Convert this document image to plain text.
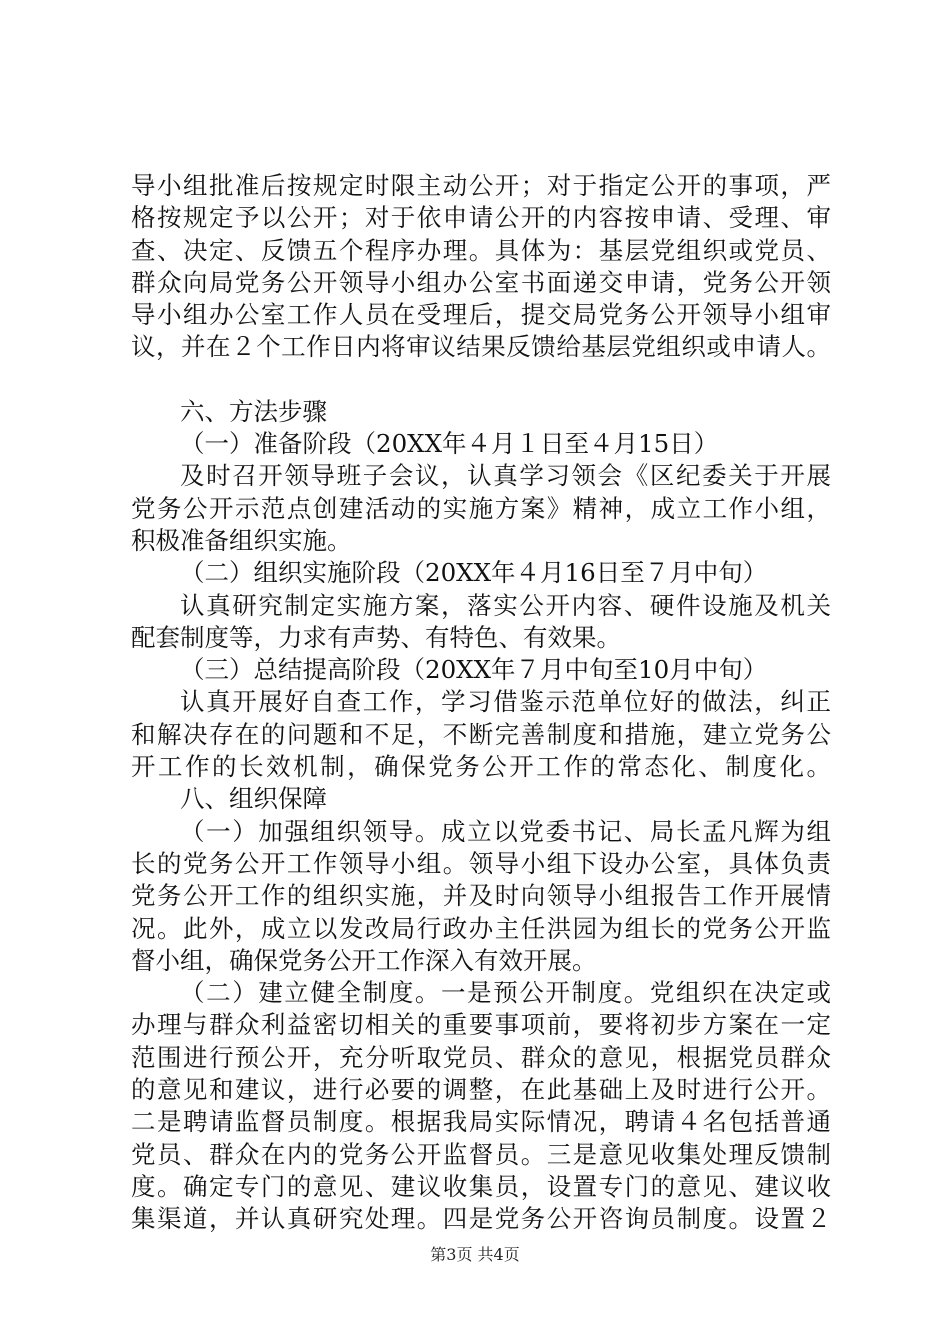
导小组批准后按规定时限主动公开；对于指定公开的事项，严
格按规定予以公开；对于依申请公开的内容按申请、受理、审
查、决定、反馈五个程序办理。具体为：基层党组织或党员、
群众向局党务公开领导小组办公室书面递交申请，党务公开领
导小组办公室工作人员在受理后，提交局党务公开领导小组审
议，并在２个工作日内将审议结果反馈给基层党组织或申请人。
六、方法步骤
（一）准备阶段（20XX年４月１日至４月15日）
及时召开领导班子会议，认真学习领会《区纪委关于开展
党务公开示范点创建活动的实施方案》精神，成立工作小组，
积极准备组织实施。
（二）组织实施阶段（20XX年４月16日至７月中旬）
认真研究制定实施方案，落实公开内容、硬件设施及机关
配套制度等，力求有声势、有特色、有效果。
（三）总结提高阶段（20XX年７月中旬至10月中旬）
认真开展好自查工作，学习借鉴示范单位好的做法，纠正
和解决存在的问题和不足，不断完善制度和措施，建立党务公
开工作的长效机制，确保党务公开工作的常态化、制度化。
八、组织保障
（一）加强组织领导。成立以党委书记、局长孟凡辉为组
长的党务公开工作领导小组。领导小组下设办公室，具体负责
党务公开工作的组织实施，并及时向领导小组报告工作开展情
况。此外，成立以发改局行政办主任洪园为组长的党务公开监
督小组，确保党务公开工作深入有效开展。
（二）建立健全制度。一是预公开制度。党组织在决定或
办理与群众利益密切相关的重要事项前，要将初步方案在一定
范围进行预公开，充分听取党员、群众的意见，根据党员群众
的意见和建议，进行必要的调整，在此基础上及时进行公开。
二是聘请监督员制度。根据我局实际情况，聘请４名包括普通
党员、群众在内的党务公开监督员。三是意见收集处理反馈制
度。确定专门的意见、建议收集员，设置专门的意见、建议收
集渠道，并认真研究处理。四是党务公开咨询员制度。设置２
第3页 共4页
